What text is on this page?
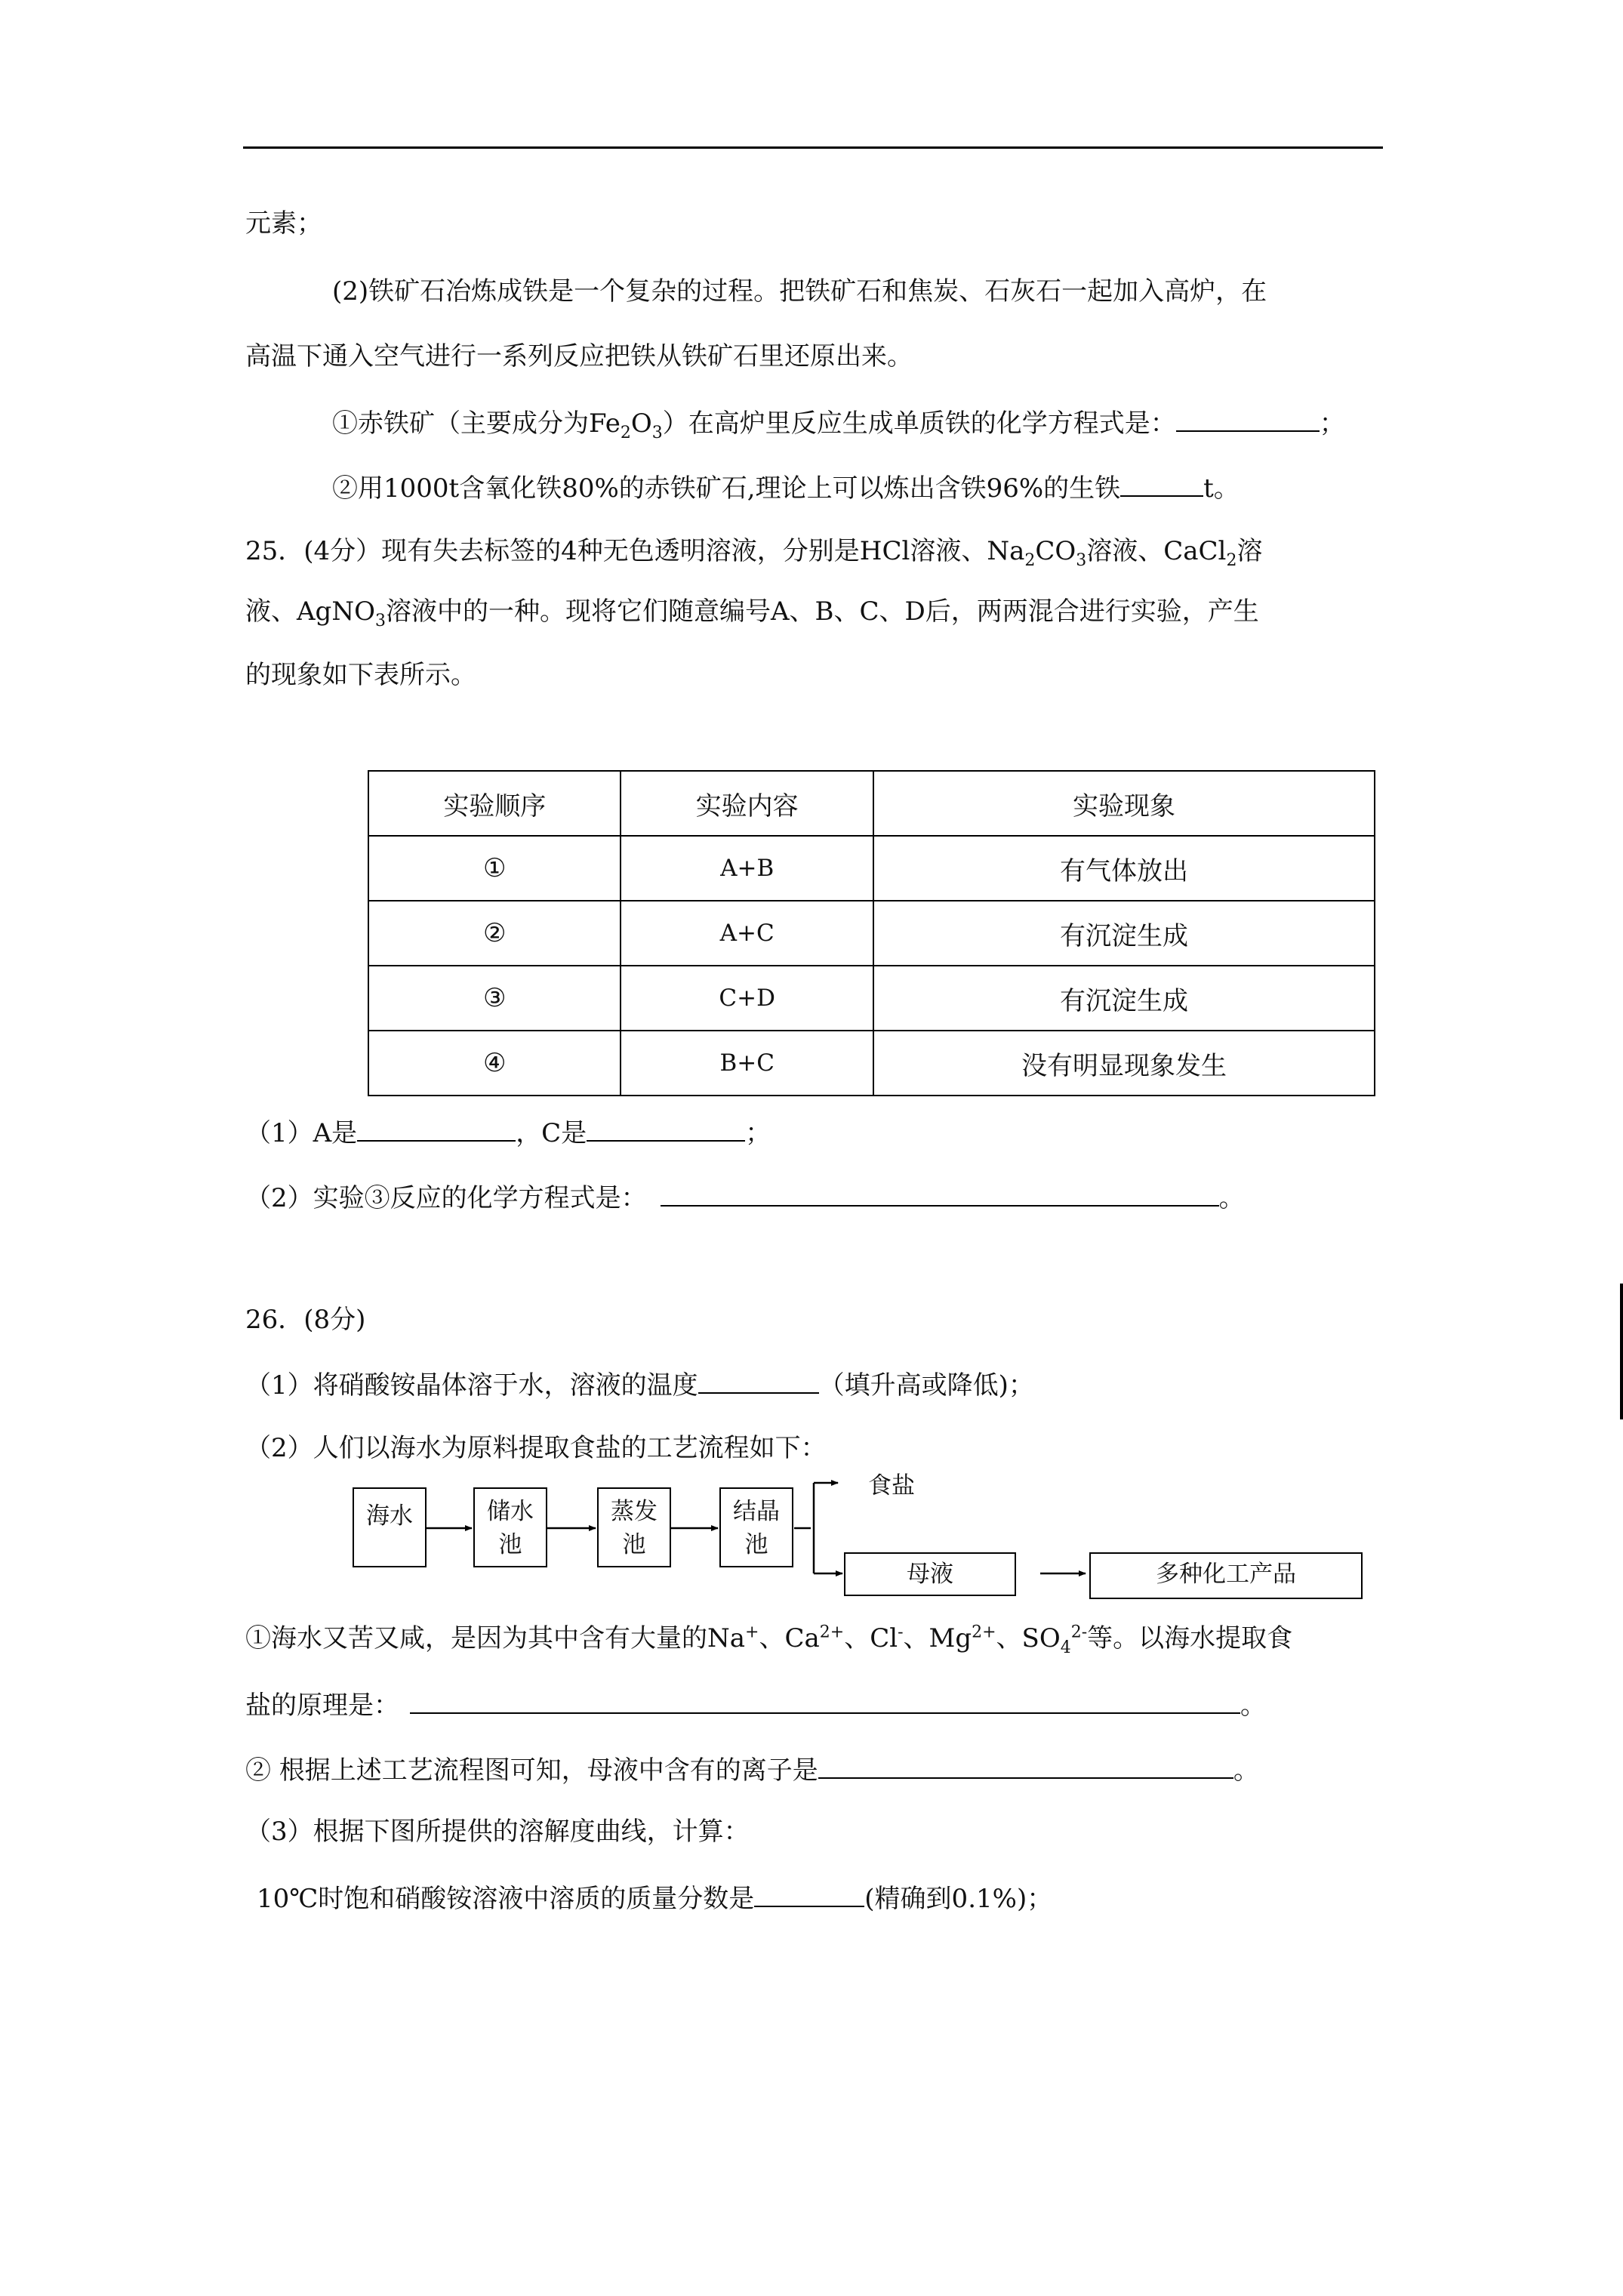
元素；
(2)铁矿石冶炼成铁是一个复杂的过程。把铁矿石和焦炭、石灰石一起加入高炉，在
高温下通入空气进行一系列反应把铁从铁矿石里还原出来。
①赤铁矿（主要成分为$Fe_2O_3$）在高炉里反应生成单质铁的化学方程式是：	；
②用1000t含氧化铁80%的赤铁矿石,理论上可以炼出含铁96%的生铁	t。
25．(4分）现有失去标签的4种无色透明溶液，分别是HCl溶液、$Na_2CO_3$溶液、CaCl$_2$溶
液、AgNO$_3$溶液中的一种。现将它们随意编号A、B、C、D后，两两混合进行实验，产生
的现象如下表所示。
实验顺序	实验内容	实验现象
①	A+B	有气体放出
②	A+C	有沉淀生成
③	C+D	有沉淀生成
④	B+C	没有明显现象发生
（1）A是	，C是	；
（2）实验③反应的化学方程式是：	。
26．(8分)
（1）将硝酸铵晶体溶于水，溶液的温度	（填升高或降低)；
（2）人们以海水为原料提取食盐的工艺流程如下：
海水	储水
池
蒸发
池
结晶
池
食盐
母液	多种化工产品
①海水又苦又咸，是因为其中含有大量的Na+、$Ca^{2+}$、Cl-、$Mg^{2+}$、$SO_4^{2-}$等。以海水提取食
盐的原理是：	。
② 根据上述工艺流程图可知，母液中含有的离子是	。
（3）根据下图所提供的溶解度曲线，计算：
10℃时饱和硝酸铵溶液中溶质的质量分数是	(精确到0.1%)；
